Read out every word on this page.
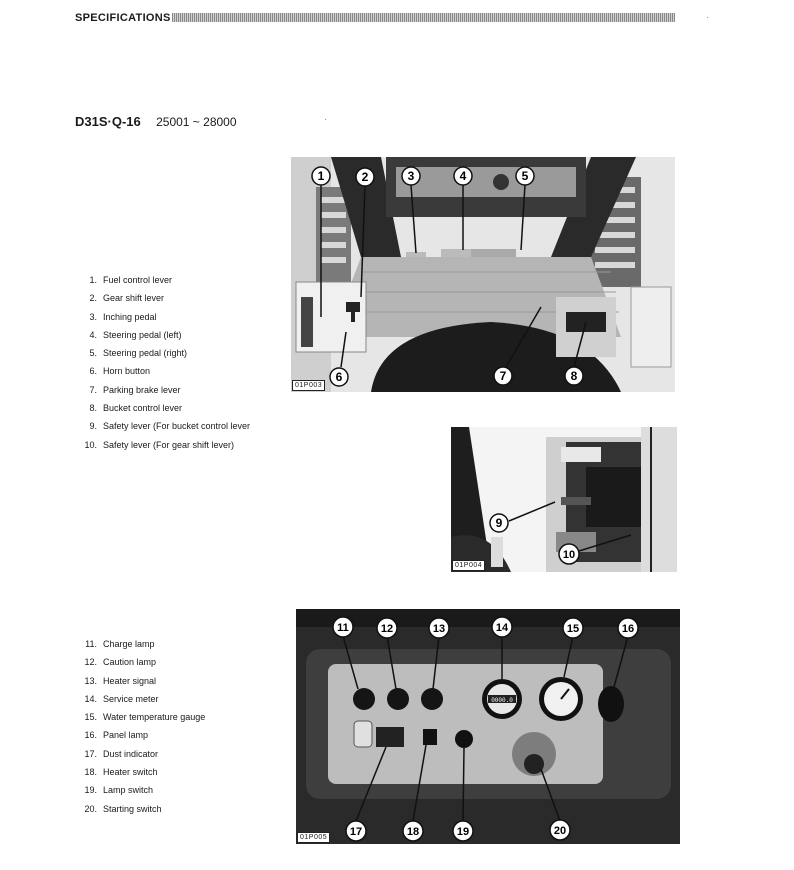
SPECIFICATIONS	·
·
D31S·Q-16 25001 ~ 28000
1. Fuel control lever
2. Gear shift lever
3. Inching pedal
4. Steering pedal (left)
5. Steering pedal (right)
6. Horn button
7. Parking brake lever
8. Bucket control lever
9. Safety lever (For bucket control lever
10. Safety lever (For gear shift lever)
11. Charge lamp
12. Caution lamp
13. Heater signal
14. Service meter
15. Water temperature gauge
16. Panel lamp
17. Dust indicator
18. Heater switch
19. Lamp switch
20. Starting switch
1	2	3	4	5
6	7	8
01P003
9
10
01P004
0000.0
11	12	13	14	15	16
17	18	19	20
01P005
